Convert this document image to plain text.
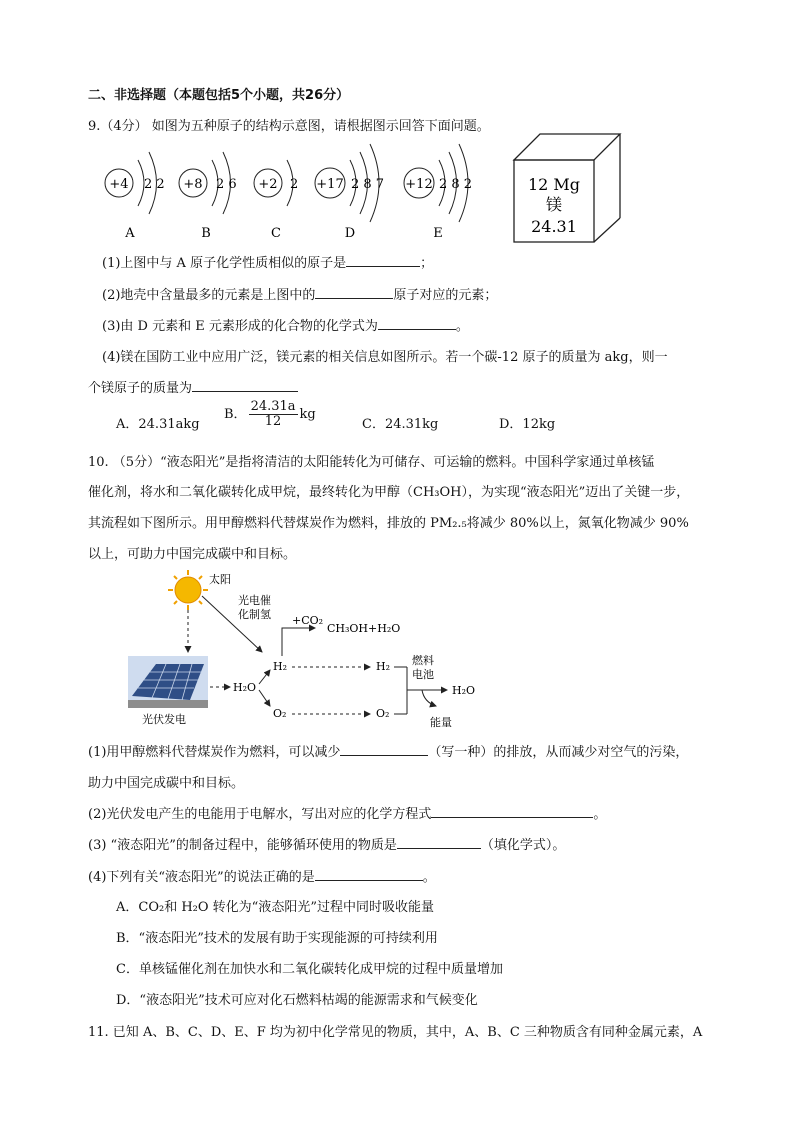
二、非选择题（本题包括5个小题，共26分）
9.（4分） 如图为五种原子的结构示意图，请根据图示回答下面问题。
+4 2 2
A
+8 2 6
B
+2 2
C
+17 2 8 7
D
+12 2 8 2
E
12 Mg
镁
24.31
(1)上图中与 A 原子化学性质相似的原子是	；
(2)地壳中含量最多的元素是上图中的	原子对应的元素；
(3)由 D 元素和 E 元素形成的化合物的化学式为	。
(4)镁在国防工业中应用广泛，镁元素的相关信息如图所示。若一个碳-12 原子的质量为 akg，则一
个镁原子的质量为
A．24.31akg
B． $\frac{24.31a}{12}$ kg
C．24.31kg	D．12kg
10. （5分）“液态阳光”是指将清洁的太阳能转化为可储存、可运输的燃料。中国科学家通过单核锰
催化剂，将水和二氧化碳转化成甲烷，最终转化为甲醇（CH₃OH），为实现“液态阳光”迈出了关键一步，
其流程如下图所示。用甲醇燃料代替煤炭作为燃料，排放的 PM₂.₅将减少 80%以上，氮氧化物减少 90%
以上，可助力中国完成碳中和目标。
太阳
光电催
化制氢
光伏发电
H₂O
H₂
O₂
+CO₂
CH₃OH+H₂O
H₂
O₂
燃料
电池
H₂O
能量
(1)用甲醇燃料代替煤炭作为燃料，可以减少	（写一种）的排放，从而减少对空气的污染，
助力中国完成碳中和目标。
(2)光伏发电产生的电能用于电解水，写出对应的化学方程式	。
(3) “液态阳光”的制备过程中，能够循环使用的物质是	（填化学式）。
(4)下列有关“液态阳光”的说法正确的是	。
A．CO₂和 H₂O 转化为“液态阳光”过程中同时吸收能量
B．“液态阳光”技术的发展有助于实现能源的可持续利用
C．单核锰催化剂在加快水和二氧化碳转化成甲烷的过程中质量增加
D．“液态阳光”技术可应对化石燃料枯竭的能源需求和气候变化
11. 已知 A、B、C、D、E、F 均为初中化学常见的物质，其中，A、B、C 三种物质含有同种金属元素，A
